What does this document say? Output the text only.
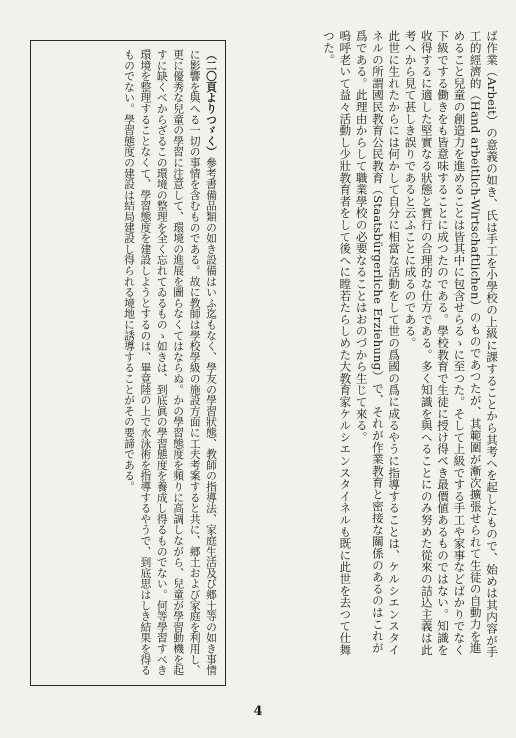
ば作業（Arbeit）の意義の如き、氏は手工を小學校の上級に課することから其考へを起したもので、始めは其内容が手工的經濟的（Hand arbeitlich-Wirtschaftlichen）のものであつたが、其範圍が漸次擴張せられて生徒の自動力を進めること兒童の創造力を進めることは皆其中に包含せらるゝに至つた。そして上級でする手工や家事などばかりでなく下級でする働きをも皆意味することに成つたのである。學校教育で生徒に授け得べき最價値あるものではない。知識を收得するに適した堅實なる狀態と實行の合理的な仕方である。多く知識を與へることにのみ努めた從來の詰込主義は此考へから見て甚しき誤りであると云ふことに成るのである。

此世に生れたからには何かして自分に相當な活動をして世の爲國の爲に成るやうに指導することは、ケルシエンスタイネルの所謂國民教育公民教育（Staatsbürgerliche Erziehung）で、それが作業教育と密接な關係のあるのはこれが爲である。此理由からして職業學校の必要なることはおのづから生じて來る。

嗚呼老いて益々活動し少壯教育者をして後へに瞠若たらしめた大教育家ケルシエンスタイネルも既に此世を去つて仕舞つた。

（二〇頁よりつゞく）參考書備品類の如き設備はいふ迄もなく、學友の學習狀態、教師の指導法、家庭生活及び郷土等の如き事情に影響を與へる一切の事情を含むものである。故に教師は學校學級の施設方面に工夫考案すると共に、郷土および家庭を利用し、更に優秀な兒童の學習に注意して、環境の進展を圖らなくてはならぬ。かの學習態度を頻りに高調しながら、兒童が學習動機を起すに缺くべからざるこの環境の整理を全く忘れてゐるものゝ如きは、到底眞の學習態度を養成し得るものでない。何等學習すべき環境を整理することなくて、學習態度を建設しようとするのは、畢竟陸の上で水泳術を指導するやうで、到底思はしき結果を得るものでない。學習態度の建設は結局建設し得られる境地に誘導することがその要諦である。

4
